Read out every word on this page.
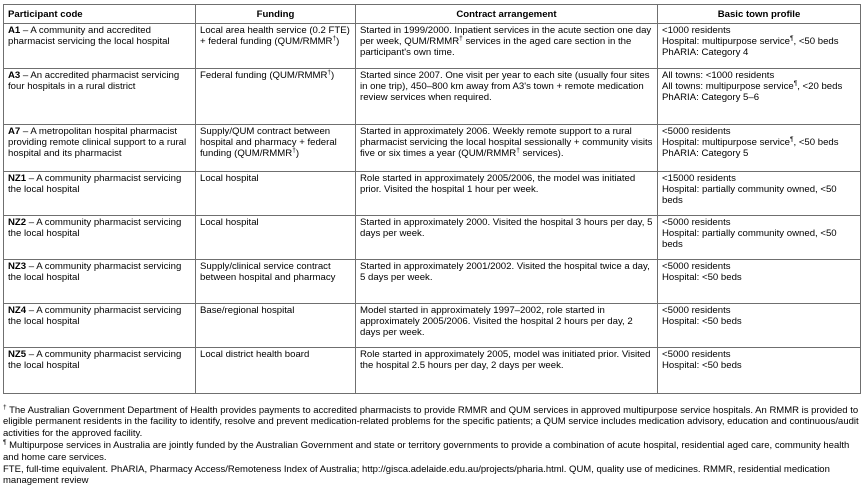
Participant code	Funding	Contract arrangement	Basic town profile
A1 – A community and accredited pharmacist servicing the local hospital	Local area health service (0.2 FTE) + federal funding (QUM/RMMR†)	Started in 1999/2000. Inpatient services in the acute section one day per week, QUM/RMMR† services in the aged care section in the participant's own time.	<1000 residents
Hospital: multipurpose service¶, <50 beds
PhARIA: Category 4

A3 – An accredited pharmacist servicing four hospitals in a rural district	Federal funding (QUM/RMMR†)	Started since 2007. One visit per year to each site (usually four sites in one trip), 450–800 km away from A3's town + remote medication review services when required.	All towns: <1000 residents
All towns: multipurpose service¶, <20 beds
PhARIA: Category 5–6

A7 – A metropolitan hospital pharmacist providing remote clinical support to a rural hospital and its pharmacist	Supply/QUM contract between hospital and pharmacy + federal funding (QUM/RMMR†)	Started in approximately 2006. Weekly remote support to a rural pharmacist servicing the local hospital sessionally + community visits five or six times a year (QUM/RMMR† services).	<5000 residents
Hospital: multipurpose service¶, <50 beds
PhARIA: Category 5

NZ1 – A community pharmacist servicing the local hospital	Local hospital	Role started in approximately 2005/2006, the model was initiated prior. Visited the hospital 1 hour per week.	<15000 residents
Hospital: partially community owned, <50 beds

NZ2 – A community pharmacist servicing the local hospital	Local hospital	Started in approximately 2000. Visited the hospital 3 hours per day, 5 days per week.	<5000 residents
Hospital: partially community owned, <50 beds

NZ3 – A community pharmacist servicing the local hospital	Supply/clinical service contract between hospital and pharmacy	Started in approximately 2001/2002. Visited the hospital twice a day, 5 days per week.	<5000 residents
Hospital: <50 beds

NZ4 – A community pharmacist servicing the local hospital	Base/regional hospital	Model started in approximately 1997–2002, role started in approximately 2005/2006. Visited the hospital 2 hours per day, 2 days per week.	<5000 residents
Hospital: <50 beds

NZ5 – A community pharmacist servicing the local hospital	Local district health board	Role started in approximately 2005, model was initiated prior. Visited the hospital 2.5 hours per day, 2 days per week.	<5000 residents
Hospital: <50 beds

† The Australian Government Department of Health provides payments to accredited pharmacists to provide RMMR and QUM services in approved multipurpose service hospitals. An RMMR is provided to eligible permanent residents in the facility to identify, resolve and prevent medication-related problems for the specific patients; a QUM service includes medication advisory, education and continuous/audit activities for the approved facility.

¶ Multipurpose services in Australia are jointly funded by the Australian Government and state or territory governments to provide a combination of acute hospital, residential aged care, community health and home care services.

FTE, full-time equivalent. PhARIA, Pharmacy Access/Remoteness Index of Australia; http://gisca.adelaide.edu.au/projects/pharia.html. QUM, quality use of medicines. RMMR, residential medication management review
